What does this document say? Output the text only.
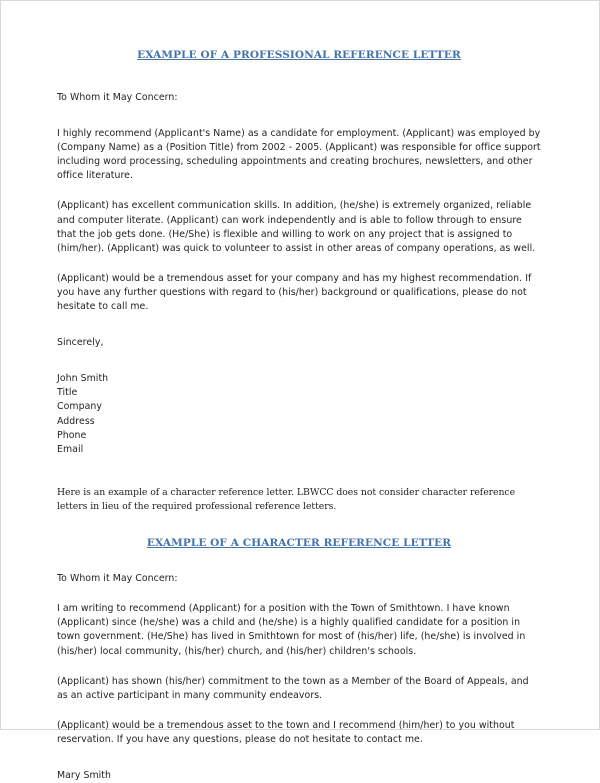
EXAMPLE OF A PROFESSIONAL REFERENCE LETTER
To Whom it May Concern:
I highly recommend (Applicant's Name) as a candidate for employment. (Applicant) was employed by (Company Name) as a (Position Title) from 2002 - 2005. (Applicant) was responsible for office support including word processing, scheduling appointments and creating brochures, newsletters, and other office literature.
(Applicant) has excellent communication skills. In addition, (he/she) is extremely organized, reliable and computer literate. (Applicant) can work independently and is able to follow through to ensure that the job gets done. (He/She) is flexible and willing to work on any project that is assigned to (him/her). (Applicant) was quick to volunteer to assist in other areas of company operations, as well.
(Applicant) would be a tremendous asset for your company and has my highest recommendation. If you have any further questions with regard to (his/her) background or qualifications, please do not hesitate to call me.
Sincerely,
John Smith
Title
Company
Address
Phone
Email
Here is an example of a character reference letter. LBWCC does not consider character reference letters in lieu of the required professional reference letters.
EXAMPLE OF A CHARACTER REFERENCE LETTER
To Whom it May Concern:
I am writing to recommend (Applicant) for a position with the Town of Smithtown. I have known (Applicant) since (he/she) was a child and (he/she) is a highly qualified candidate for a position in town government. (He/She) has lived in Smithtown for most of (his/her) life, (he/she) is involved in (his/her) local community, (his/her) church, and (his/her) children's schools.
(Applicant) has shown (his/her) commitment to the town as a Member of the Board of Appeals, and as an active participant in many community endeavors.
(Applicant) would be a tremendous asset to the town and I recommend (him/her) to you without reservation. If you have any questions, please do not hesitate to contact me.
Mary Smith
